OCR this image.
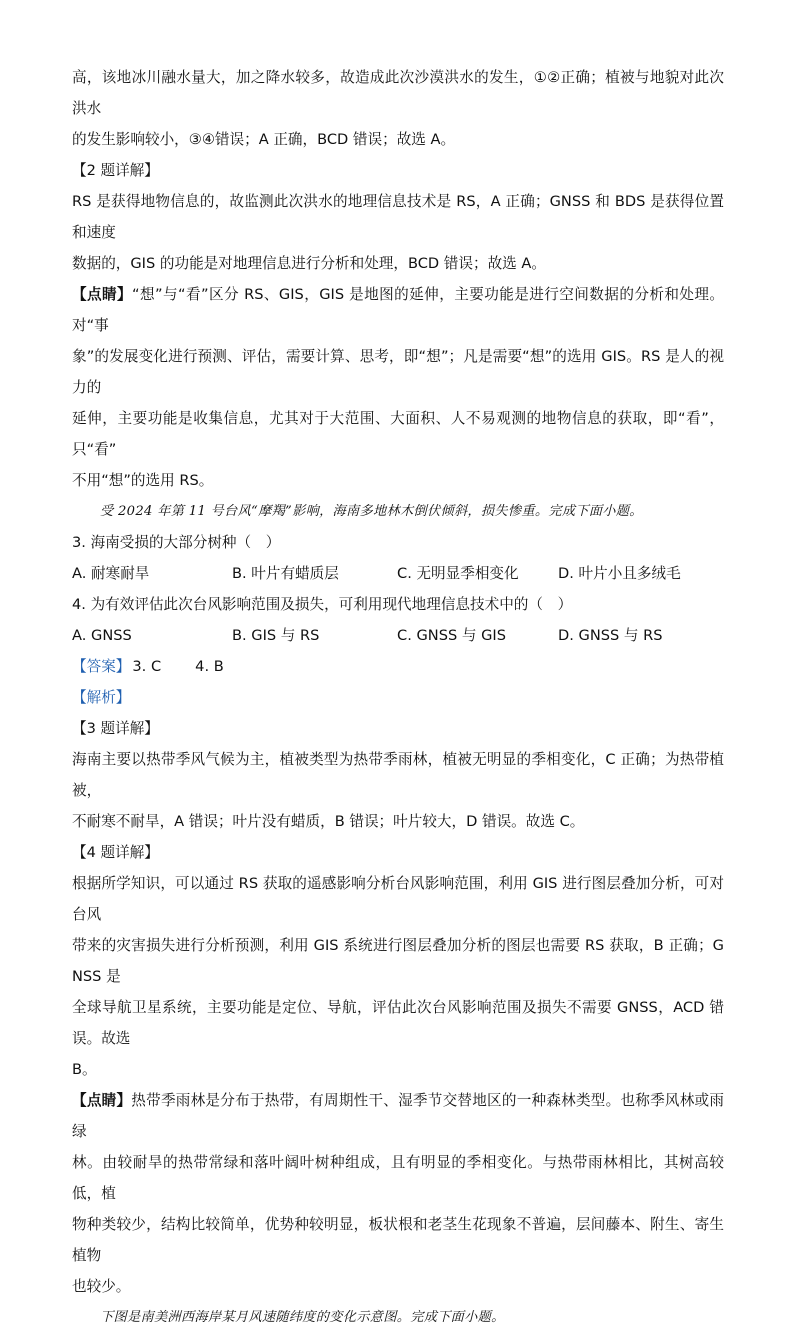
高，该地冰川融水量大，加之降水较多，故造成此次沙漠洪水的发生，①②正确；植被与地貌对此次洪水

的发生影响较小，③④错误；A 正确，BCD 错误；故选 A。

【2 题详解】

RS 是获得地物信息的，故监测此次洪水的地理信息技术是 RS，A 正确；GNSS 和 BDS 是获得位置和速度

数据的，GIS 的功能是对地理信息进行分析和处理，BCD 错误；故选 A。

【点睛】“想”与“看”区分 RS、GIS，GIS 是地图的延伸，主要功能是进行空间数据的分析和处理。对“事

象”的发展变化进行预测、评估，需要计算、思考，即“想”；凡是需要“想”的选用 GIS。RS 是人的视力的

延伸，主要功能是收集信息，尤其对于大范围、大面积、人不易观测的地物信息的获取，即“看”，只“看”

不用“想”的选用 RS。

受 2024 年第 11 号台风“摩羯”影响，海南多地林木倒伏倾斜，损失惨重。完成下面小题。

3. 海南受损的大部分树种（　）

A. 耐寒耐旱	B. 叶片有蜡质层	C. 无明显季相变化	D. 叶片小且多绒毛

4. 为有效评估此次台风影响范围及损失，可利用现代地理信息技术中的（　）

A. GNSS	B. GIS 与 RS	C. GNSS 与 GIS	D. GNSS 与 RS

【答案】 3. C 4. B

【解析】

【3 题详解】

海南主要以热带季风气候为主，植被类型为热带季雨林，植被无明显的季相变化，C 正确；为热带植被，

不耐寒不耐旱，A 错误；叶片没有蜡质，B 错误；叶片较大，D 错误。故选 C。

【4 题详解】

根据所学知识，可以通过 RS 获取的遥感影响分析台风影响范围，利用 GIS 进行图层叠加分析，可对台风

带来的灾害损失进行分析预测，利用 GIS 系统进行图层叠加分析的图层也需要 RS 获取，B 正确；GNSS 是

全球导航卫星系统，主要功能是定位、导航，评估此次台风影响范围及损失不需要 GNSS，ACD 错误。故选

B。

【点睛】热带季雨林是分布于热带，有周期性干、湿季节交替地区的一种森林类型。也称季风林或雨绿

林。由较耐旱的热带常绿和落叶阔叶树种组成，且有明显的季相变化。与热带雨林相比，其树高较低，植

物种类较少，结构比较简单，优势种较明显，板状根和老茎生花现象不普遍，层间藤本、附生、寄生植物

也较少。

下图是南美洲西海岸某月风速随纬度的变化示意图。完成下面小题。
